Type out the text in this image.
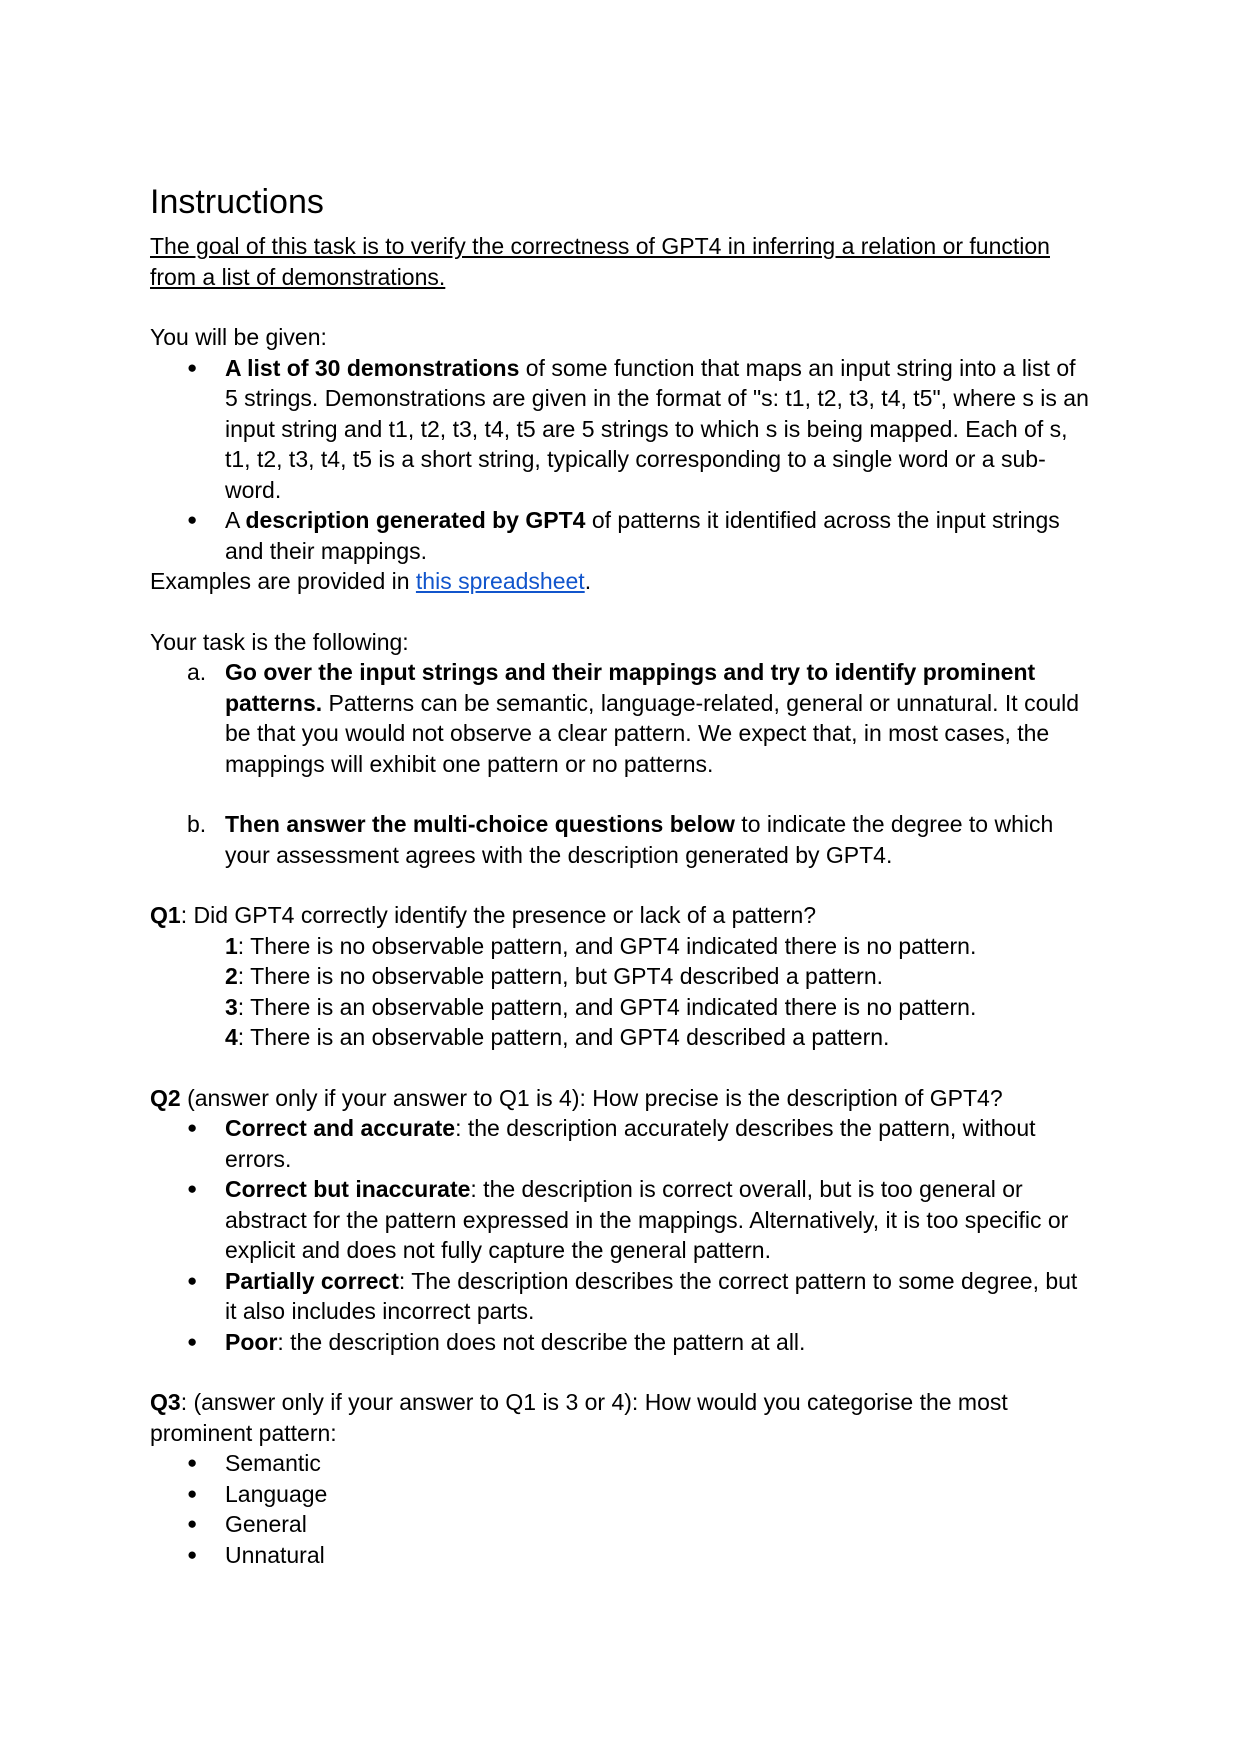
Instructions

The goal of this task is to verify the correctness of GPT4 in inferring a relation or function from a list of demonstrations.

You will be given:

● A list of 30 demonstrations of some function that maps an input string into a list of 5 strings. Demonstrations are given in the format of "s: t1, t2, t3, t4, t5", where s is an input string and t1, t2, t3, t4, t5 are 5 strings to which s is being mapped. Each of s, t1, t2, t3, t4, t5 is a short string, typically corresponding to a single word or a sub-word.
● A description generated by GPT4 of patterns it identified across the input strings and their mappings.

Examples are provided in this spreadsheet.

Your task is the following:

a. Go over the input strings and their mappings and try to identify prominent patterns. Patterns can be semantic, language-related, general or unnatural. It could be that you would not observe a clear pattern. We expect that, in most cases, the mappings will exhibit one pattern or no patterns.
b. Then answer the multi-choice questions below to indicate the degree to which your assessment agrees with the description generated by GPT4.

Q1: Did GPT4 correctly identify the presence or lack of a pattern?

1: There is no observable pattern, and GPT4 indicated there is no pattern.

2: There is no observable pattern, but GPT4 described a pattern.

3: There is an observable pattern, and GPT4 indicated there is no pattern.

4: There is an observable pattern, and GPT4 described a pattern.

Q2 (answer only if your answer to Q1 is 4): How precise is the description of GPT4?

● Correct and accurate: the description accurately describes the pattern, without errors.
● Correct but inaccurate: the description is correct overall, but is too general or abstract for the pattern expressed in the mappings. Alternatively, it is too specific or explicit and does not fully capture the general pattern.
● Partially correct: The description describes the correct pattern to some degree, but it also includes incorrect parts.
● Poor: the description does not describe the pattern at all.

Q3: (answer only if your answer to Q1 is 3 or 4): How would you categorise the most prominent pattern:

● Semantic
● Language
● General
● Unnatural
